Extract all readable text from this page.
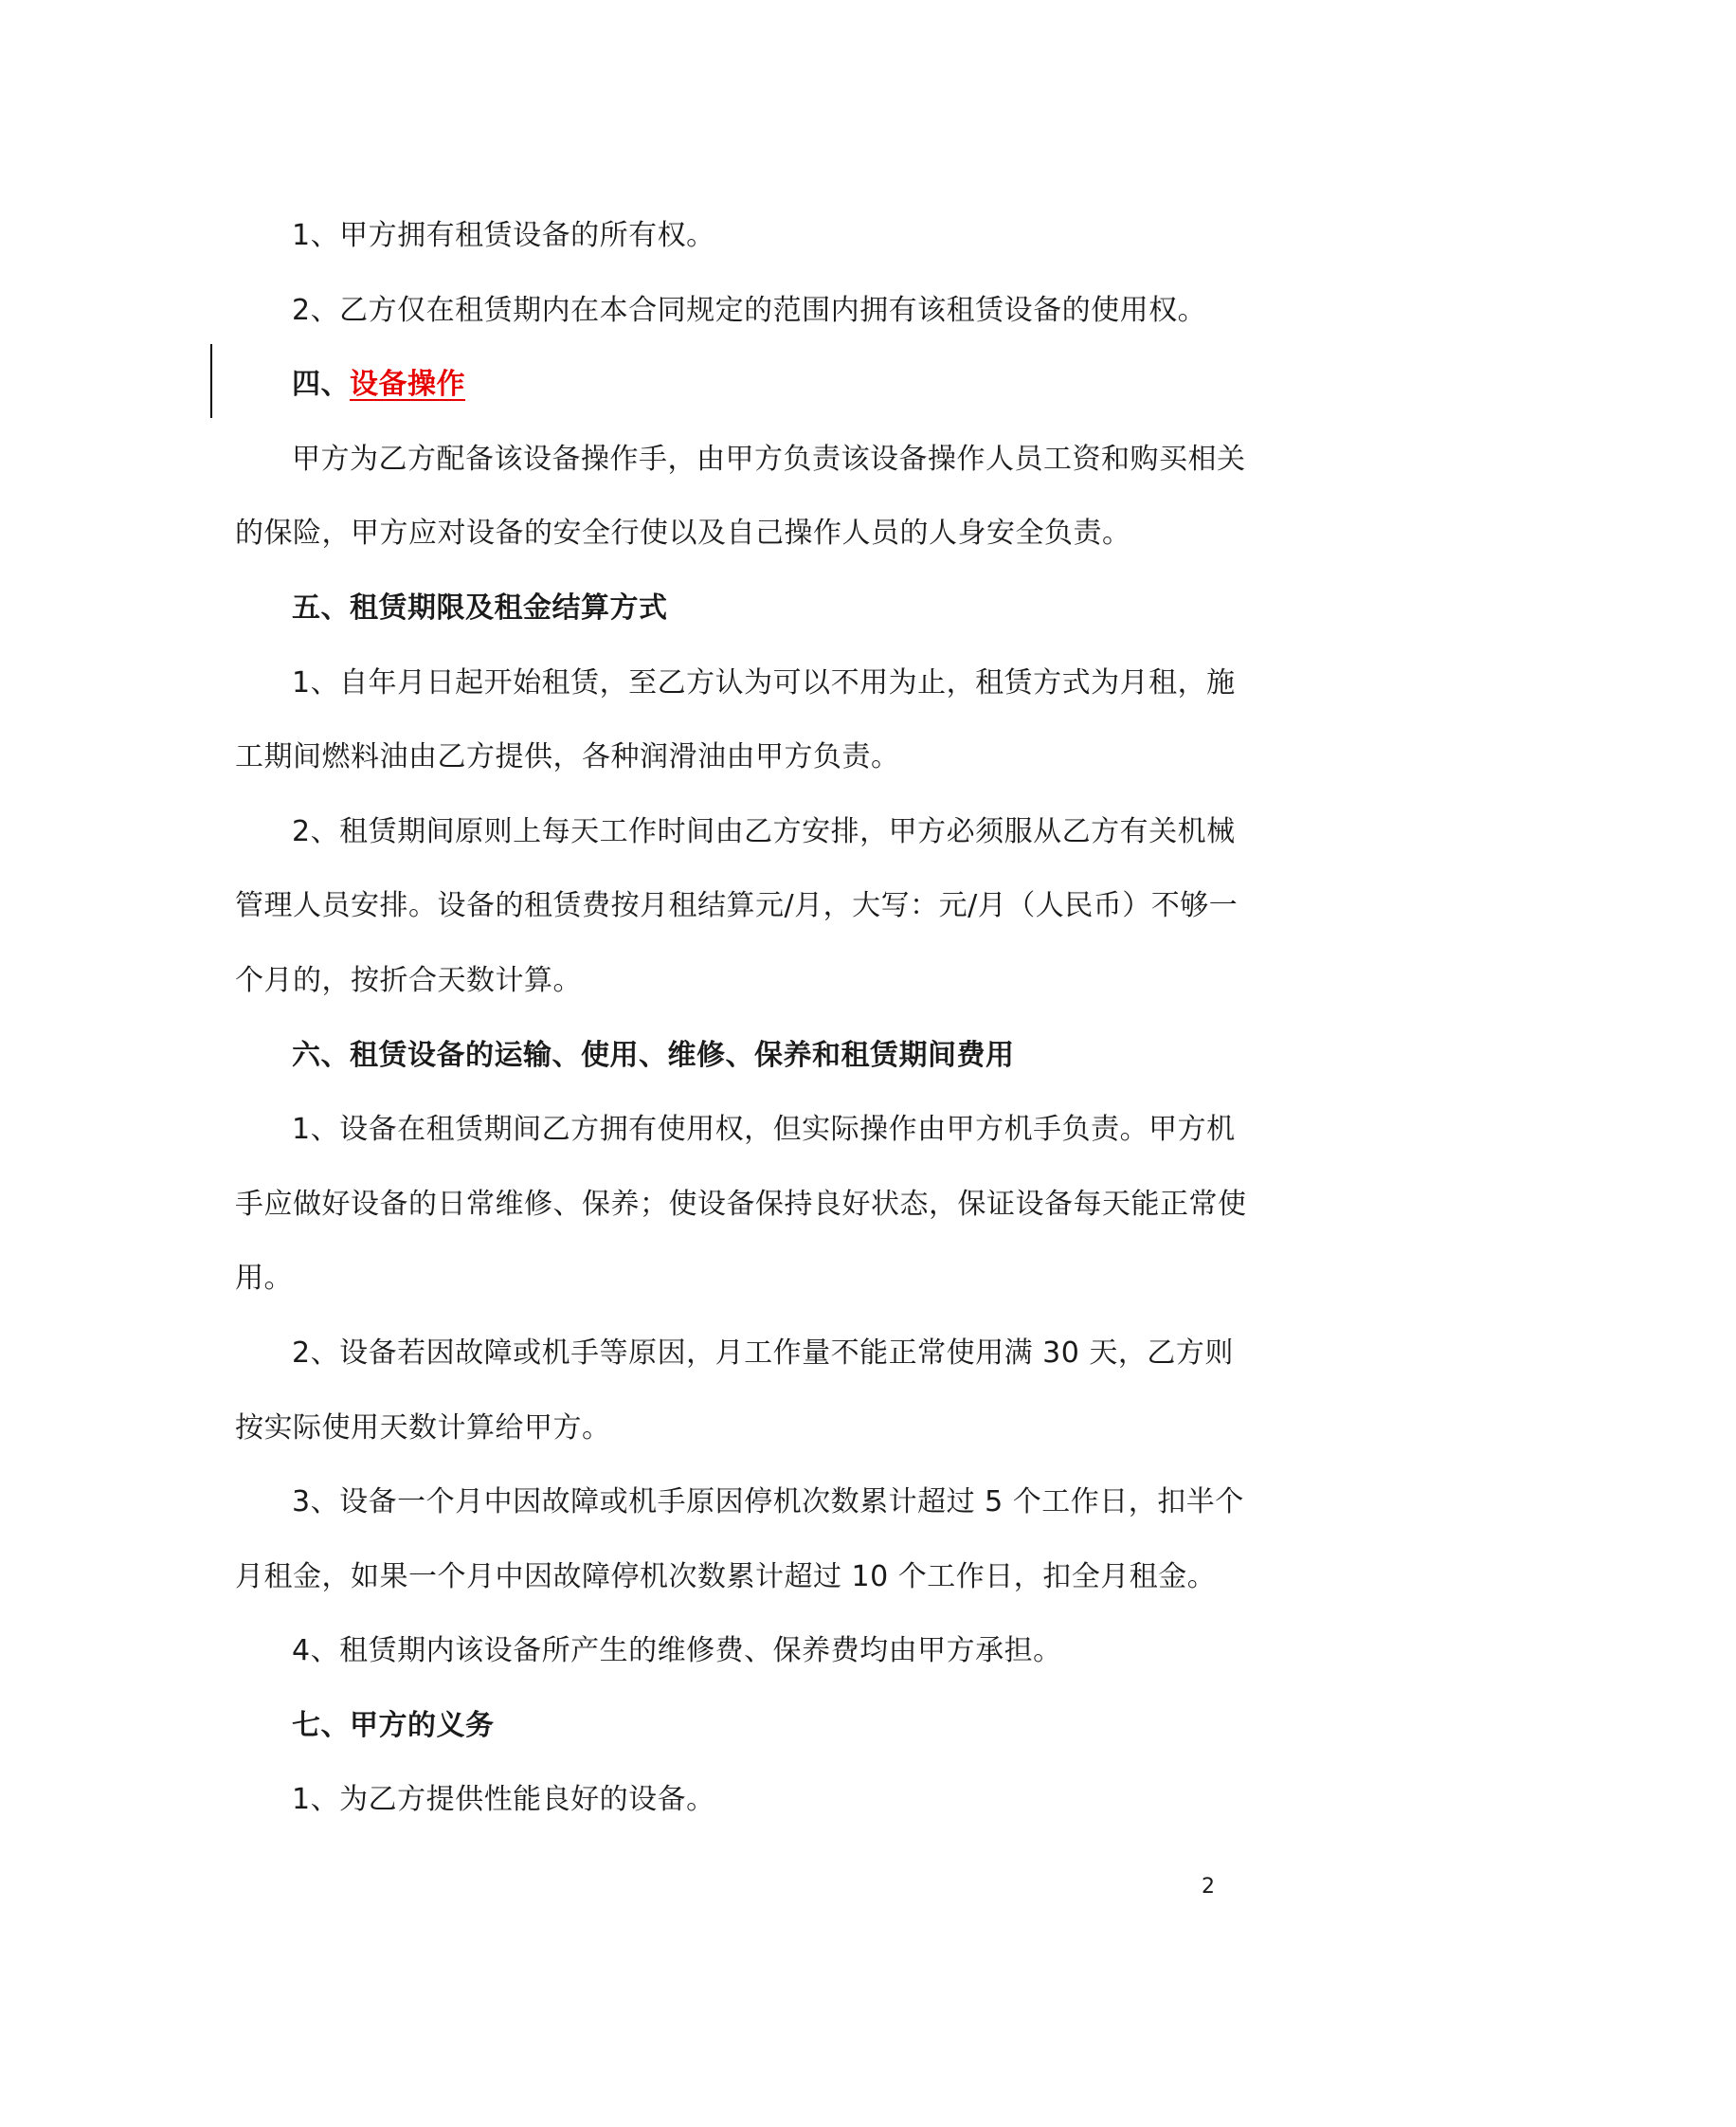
1、甲方拥有租赁设备的所有权。
2、乙方仅在租赁期内在本合同规定的范围内拥有该租赁设备的使用权。
四、设备操作
甲方为乙方配备该设备操作手，由甲方负责该设备操作人员工资和购买相关
的保险，甲方应对设备的安全行使以及自己操作人员的人身安全负责。
五、租赁期限及租金结算方式
1、自年月日起开始租赁，至乙方认为可以不用为止，租赁方式为月租，施
工期间燃料油由乙方提供，各种润滑油由甲方负责。
2、租赁期间原则上每天工作时间由乙方安排，甲方必须服从乙方有关机械
管理人员安排。设备的租赁费按月租结算元/月，大写：元/月（人民币）不够一
个月的，按折合天数计算。
六、租赁设备的运输、使用、维修、保养和租赁期间费用
1、设备在租赁期间乙方拥有使用权，但实际操作由甲方机手负责。甲方机
手应做好设备的日常维修、保养；使设备保持良好状态，保证设备每天能正常使
用。
2、设备若因故障或机手等原因，月工作量不能正常使用满 30 天，乙方则
按实际使用天数计算给甲方。
3、设备一个月中因故障或机手原因停机次数累计超过 5 个工作日，扣半个
月租金，如果一个月中因故障停机次数累计超过 10 个工作日，扣全月租金。
4、租赁期内该设备所产生的维修费、保养费均由甲方承担。
七、甲方的义务
1、为乙方提供性能良好的设备。
2
